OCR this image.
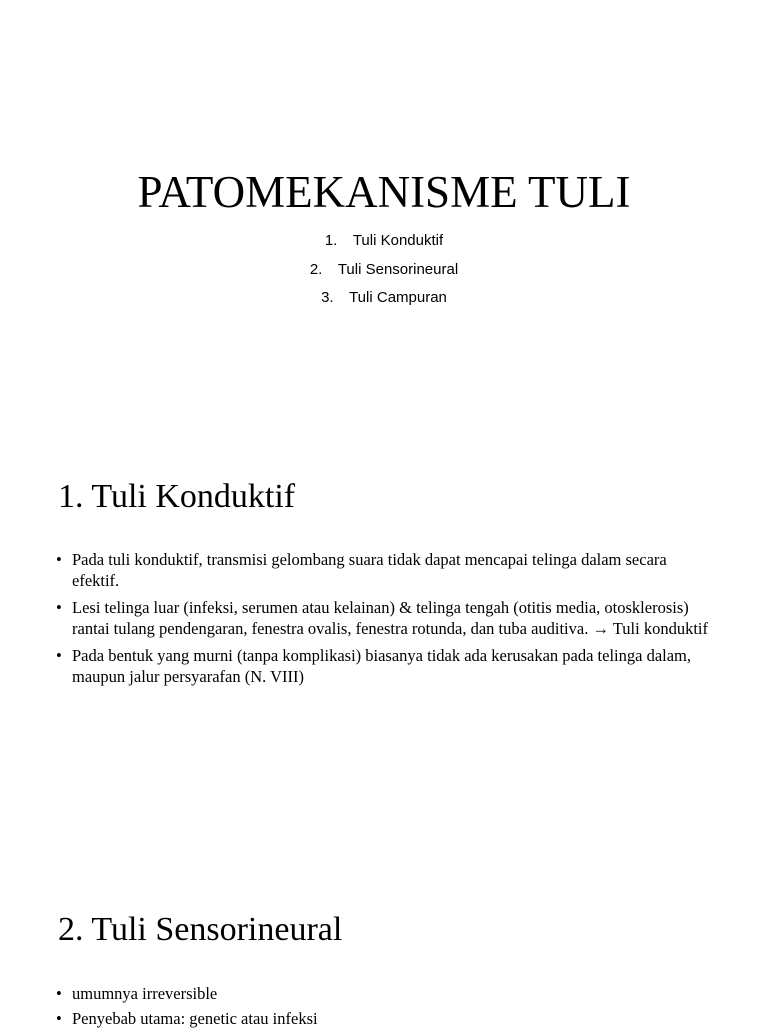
PATOMEKANISME TULI
1. Tuli Konduktif
2. Tuli Sensorineural
3. Tuli Campuran
1. Tuli Konduktif
• Pada tuli konduktif, transmisi gelombang suara tidak dapat mencapai telinga dalam secara efektif.
• Lesi telinga luar (infeksi, serumen atau kelainan) & telinga tengah (otitis media, otosklerosis) rantai tulang pendengaran, fenestra ovalis, fenestra rotunda, dan tuba auditiva. → Tuli konduktif
• Pada bentuk yang murni (tanpa komplikasi) biasanya tidak ada kerusakan pada telinga dalam, maupun jalur persyarafan (N. VIII)
2. Tuli Sensorineural
• umumnya irreversible
• Penyebab utama: genetic atau infeksi
